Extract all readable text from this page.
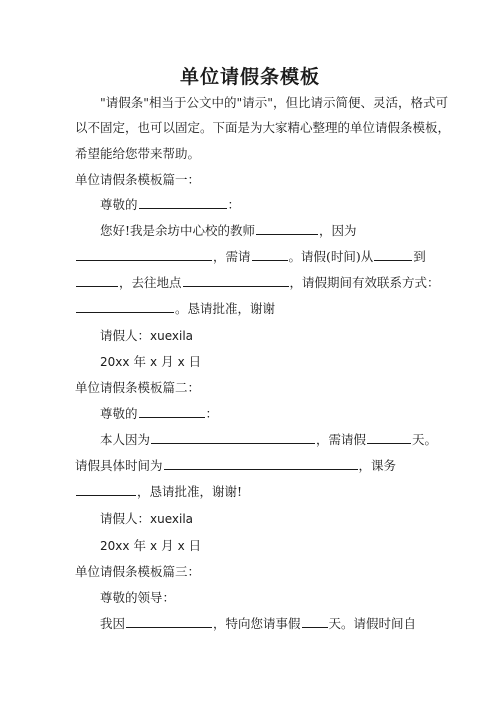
单位请假条模板
"请假条"相当于公文中的"请示"，但比请示简便、灵活，格式可
以不固定，也可以固定。下面是为大家精心整理的单位请假条模板，
希望能给您带来帮助。
单位请假条模板篇一：
尊敬的	：
您好!我是余坊中心校的教师	，因为
，需请	。请假(时间)从	到
，去往地点	，请假期间有效联系方式：
。恳请批准，谢谢
请假人：xuexila
20xx 年 x 月 x 日
单位请假条模板篇二：
尊敬的	：
本人因为	，需请假	天。
请假具体时间为	，课务
，恳请批准，谢谢!
请假人：xuexila
20xx 年 x 月 x 日
单位请假条模板篇三：
尊敬的领导：
我因	，特向您请事假 天。请假时间自
